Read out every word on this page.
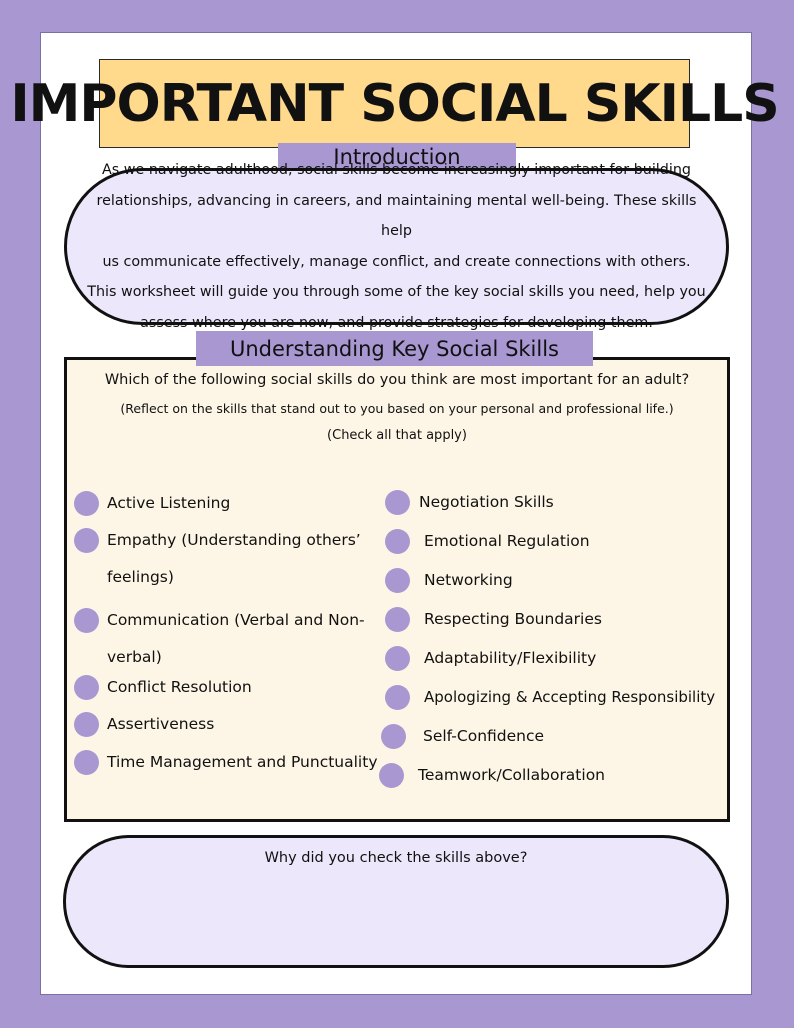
IMPORTANT SOCIAL SKILLS
Introduction
As we navigate adulthood, social skills become increasingly important for building
relationships, advancing in careers, and maintaining mental well-being. These skills help
us communicate effectively, manage conflict, and create connections with others.
This worksheet will guide you through some of the key social skills you need, help you
assess where you are now, and provide strategies for developing them.
Understanding Key Social Skills
Which of the following social skills do you think are most important for an adult?
(Reflect on the skills that stand out to you based on your personal and professional life.)
(Check all that apply)
Active Listening
Empathy (Understanding others’ feelings)
Communication (Verbal and Non-verbal)
Conflict Resolution
Assertiveness
Time Management and Punctuality
Negotiation Skills
Emotional Regulation
Networking
Respecting Boundaries
Adaptability/Flexibility
Apologizing & Accepting Responsibility
Self-Confidence
Teamwork/Collaboration
Why did you check the skills above?
